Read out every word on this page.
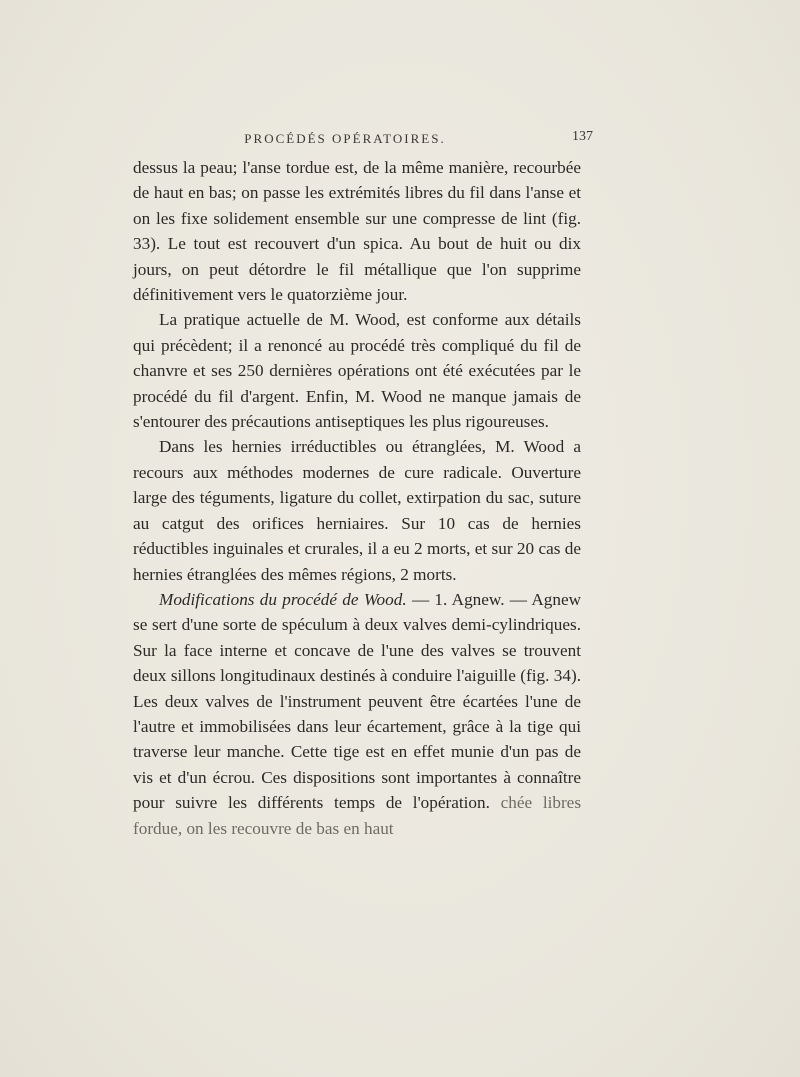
PROCÉDÉS OPÉRATOIRES.	137

dessus la peau; l'anse tordue est, de la même manière, recourbée de haut en bas; on passe les extrémités libres du fil dans l'anse et on les fixe solidement ensemble sur une compresse de lint (fig. 33). Le tout est recouvert d'un spica. Au bout de huit ou dix jours, on peut détordre le fil métallique que l'on supprime définitivement vers le quatorzième jour.

La pratique actuelle de M. Wood, est conforme aux détails qui précèdent; il a renoncé au procédé très compliqué du fil de chanvre et ses 250 dernières opérations ont été exécutées par le procédé du fil d'argent. Enfin, M. Wood ne manque jamais de s'entourer des précautions antiseptiques les plus rigoureuses.

Dans les hernies irréductibles ou étranglées, M. Wood a recours aux méthodes modernes de cure radicale. Ouverture large des téguments, ligature du collet, extirpation du sac, suture au catgut des orifices herniaires. Sur 10 cas de hernies réductibles inguinales et crurales, il a eu 2 morts, et sur 20 cas de hernies étranglées des mêmes régions, 2 morts.

Modifications du procédé de Wood. — 1. Agnew. — Agnew se sert d'une sorte de spéculum à deux valves demi-cylindriques. Sur la face interne et concave de l'une des valves se trouvent deux sillons longitudinaux destinés à conduire l'aiguille (fig. 34). Les deux valves de l'instrument peuvent être écartées l'une de l'autre et immobilisées dans leur écartement, grâce à la tige qui traverse leur manche. Cette tige est en effet munie d'un pas de vis et d'un écrou. Ces dispositions sont importantes à connaître pour suivre les différents temps de l'opération. chée libres fordue, on les recouvre de bas en haut
